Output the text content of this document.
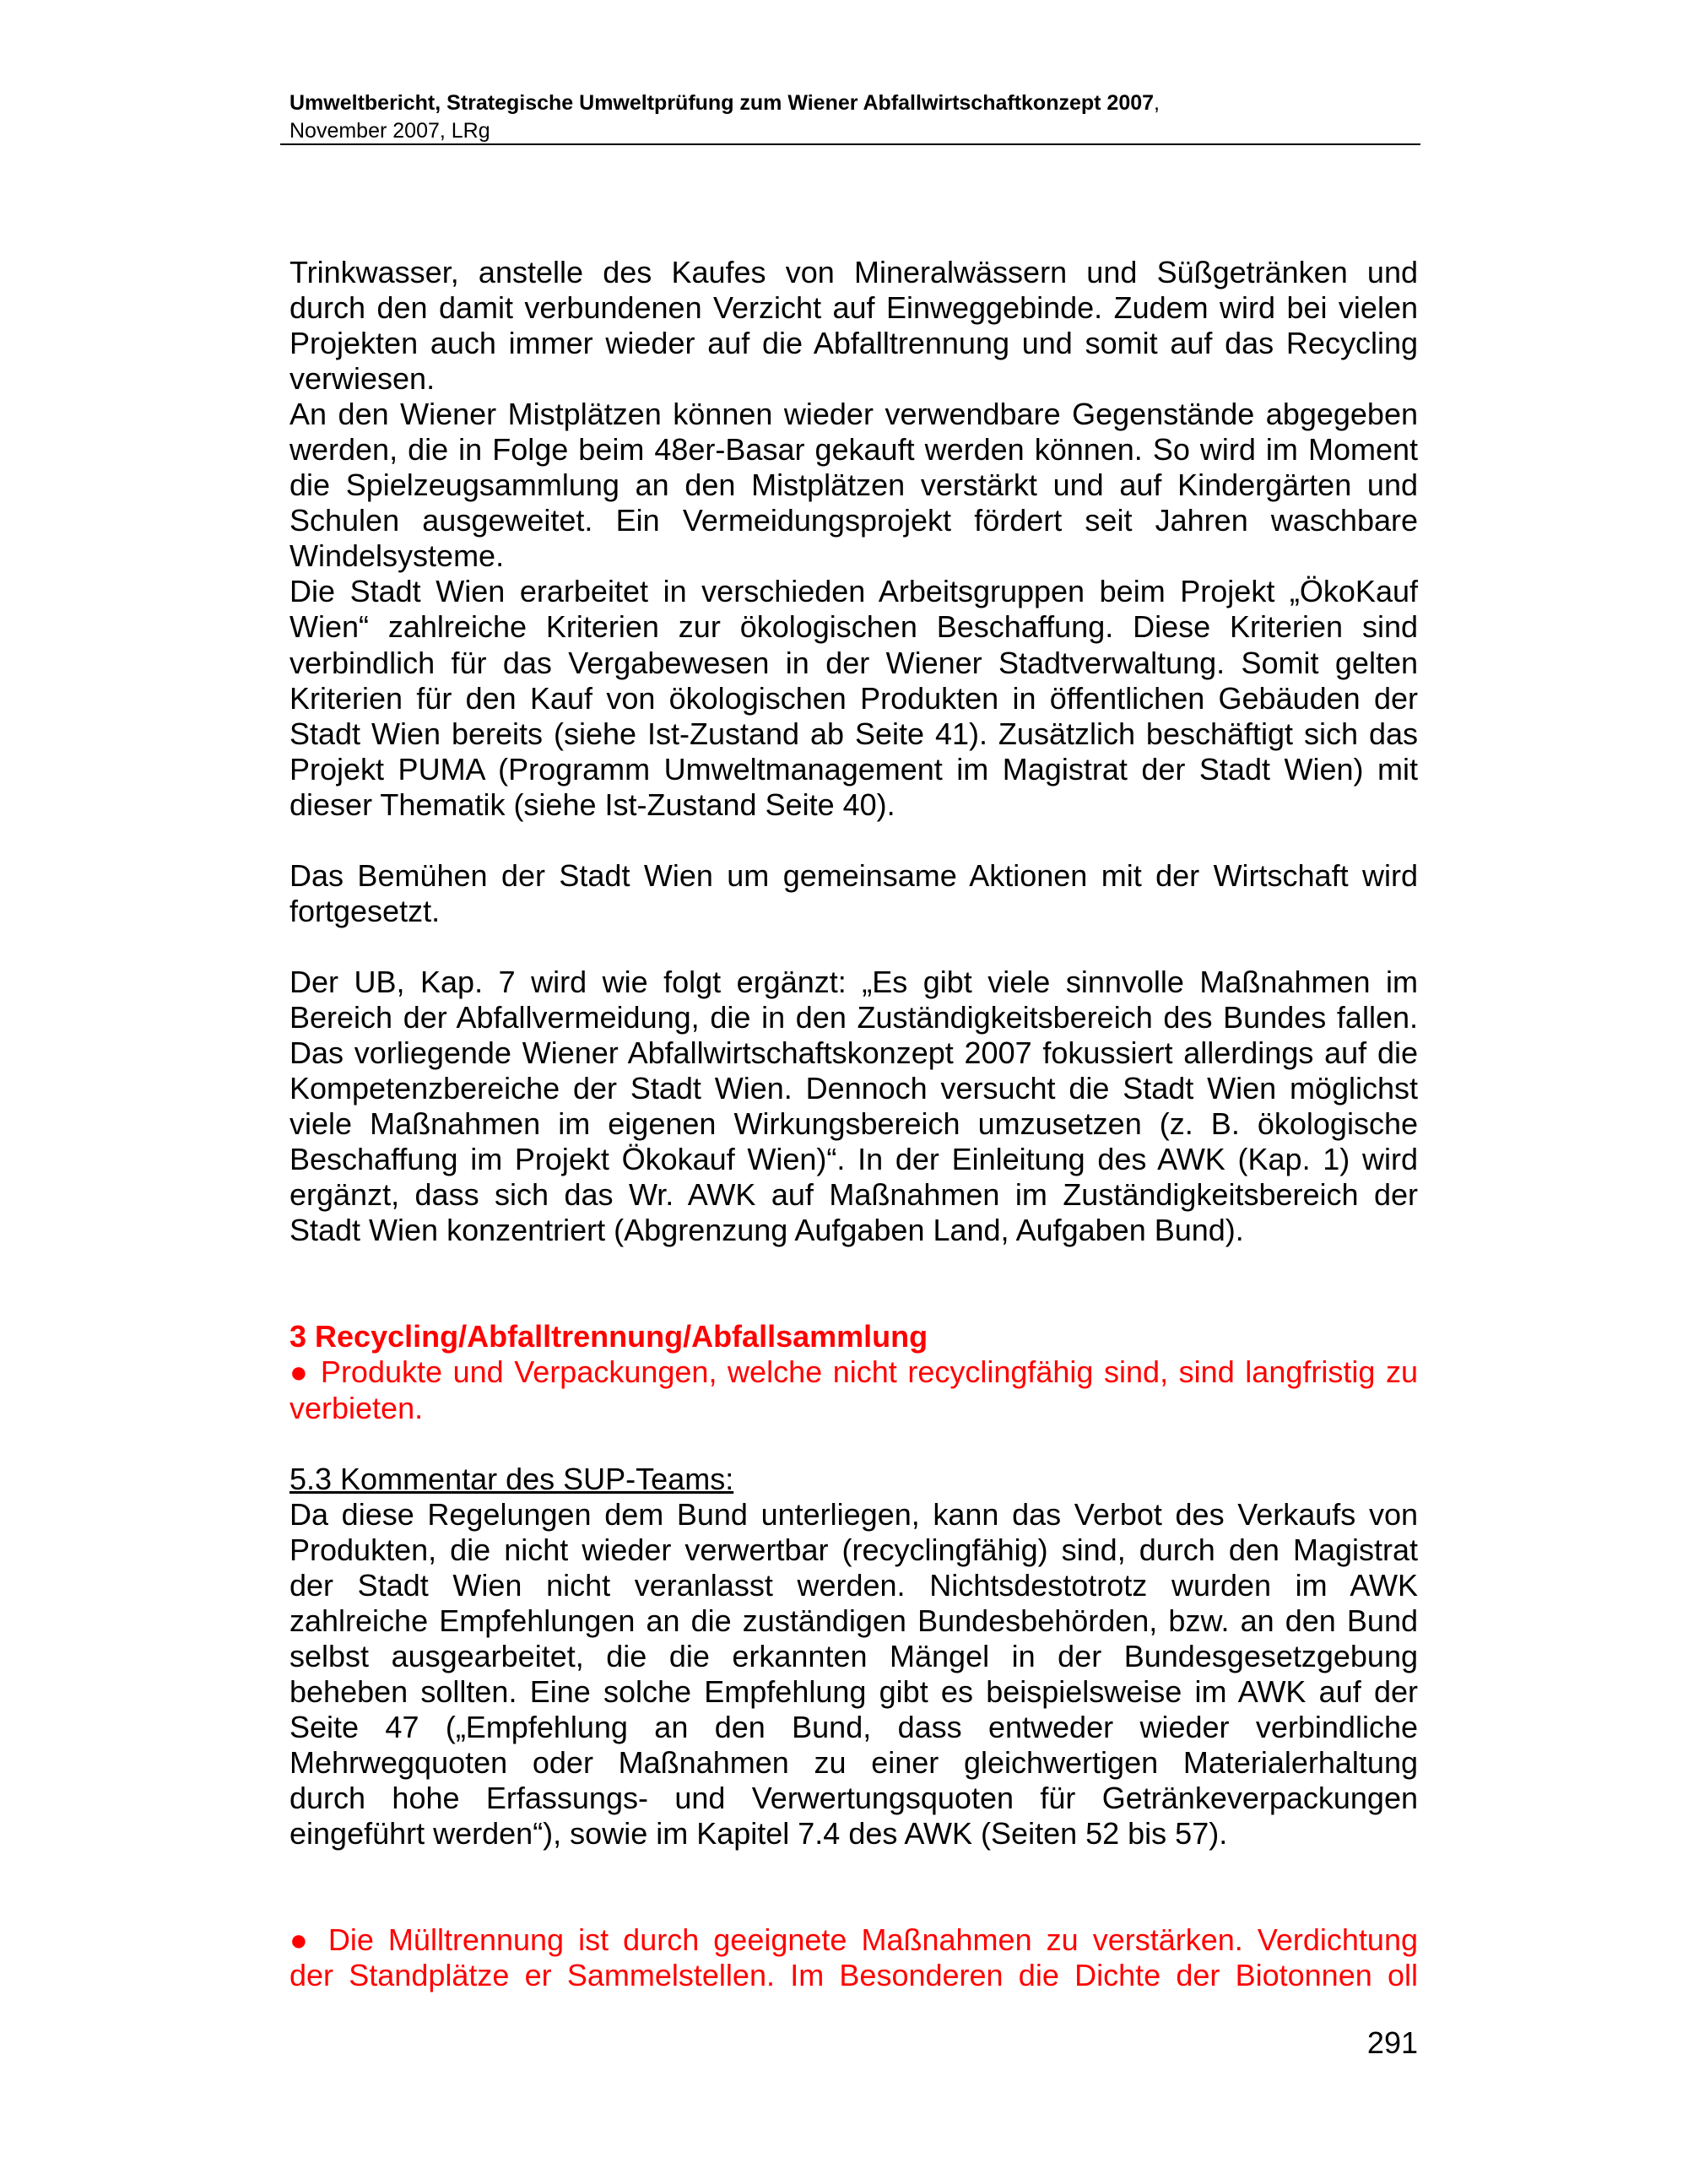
Umweltbericht, Strategische Umweltprüfung zum Wiener Abfallwirtschaftkonzept 2007,
November 2007, LRg
Trinkwasser, anstelle des Kaufes von Mineralwässern und Süßgetränken und
durch den damit verbundenen Verzicht auf Einweggebinde. Zudem wird bei vielen
Projekten auch immer wieder auf die Abfalltrennung und somit auf das Recycling
verwiesen.
An den Wiener Mistplätzen können wieder verwendbare Gegenstände abgegeben
werden, die in Folge beim 48er-Basar gekauft werden können. So wird im Moment
die Spielzeugsammlung an den Mistplätzen verstärkt und auf Kindergärten und
Schulen ausgeweitet. Ein Vermeidungsprojekt fördert seit Jahren waschbare
Windelsysteme.
Die Stadt Wien erarbeitet in verschieden Arbeitsgruppen beim Projekt „ÖkoKauf
Wien“ zahlreiche Kriterien zur ökologischen Beschaffung. Diese Kriterien sind
verbindlich für das Vergabewesen in der Wiener Stadtverwaltung. Somit gelten
Kriterien für den Kauf von ökologischen Produkten in öffentlichen Gebäuden der
Stadt Wien bereits (siehe Ist-Zustand ab Seite 41). Zusätzlich beschäftigt sich das
Projekt PUMA (Programm Umweltmanagement im Magistrat der Stadt Wien) mit
dieser Thematik (siehe Ist-Zustand Seite 40).
Das Bemühen der Stadt Wien um gemeinsame Aktionen mit der Wirtschaft wird
fortgesetzt.
Der UB, Kap. 7 wird wie folgt ergänzt: „Es gibt viele sinnvolle Maßnahmen im
Bereich der Abfallvermeidung, die in den Zuständigkeitsbereich des Bundes fallen.
Das vorliegende Wiener Abfallwirtschaftskonzept 2007 fokussiert allerdings auf die
Kompetenzbereiche der Stadt Wien. Dennoch versucht die Stadt Wien möglichst
viele Maßnahmen im eigenen Wirkungsbereich umzusetzen (z. B. ökologische
Beschaffung im Projekt Ökokauf Wien)“. In der Einleitung des AWK (Kap. 1) wird
ergänzt, dass sich das Wr. AWK auf Maßnahmen im Zuständigkeitsbereich der
Stadt Wien konzentriert (Abgrenzung Aufgaben Land, Aufgaben Bund).
3 Recycling/Abfalltrennung/Abfallsammlung
● Produkte und Verpackungen, welche nicht recyclingfähig sind, sind langfristig zu
verbieten.
5.3 Kommentar des SUP-Teams:
Da diese Regelungen dem Bund unterliegen, kann das Verbot des Verkaufs von
Produkten, die nicht wieder verwertbar (recyclingfähig) sind, durch den Magistrat
der Stadt Wien nicht veranlasst werden. Nichtsdestotrotz wurden im AWK
zahlreiche Empfehlungen an die zuständigen Bundesbehörden, bzw. an den Bund
selbst ausgearbeitet, die die erkannten Mängel in der Bundesgesetzgebung
beheben sollten. Eine solche Empfehlung gibt es beispielsweise im AWK auf der
Seite 47 („Empfehlung an den Bund, dass entweder wieder verbindliche
Mehrwegquoten oder Maßnahmen zu einer gleichwertigen Materialerhaltung
durch hohe Erfassungs- und Verwertungsquoten für Getränkeverpackungen
eingeführt werden“), sowie im Kapitel 7.4 des AWK (Seiten 52 bis 57).
● Die Mülltrennung ist durch geeignete Maßnahmen zu verstärken. Verdichtung
der Standplätze er Sammelstellen. Im Besonderen die Dichte der Biotonnen oll
291
